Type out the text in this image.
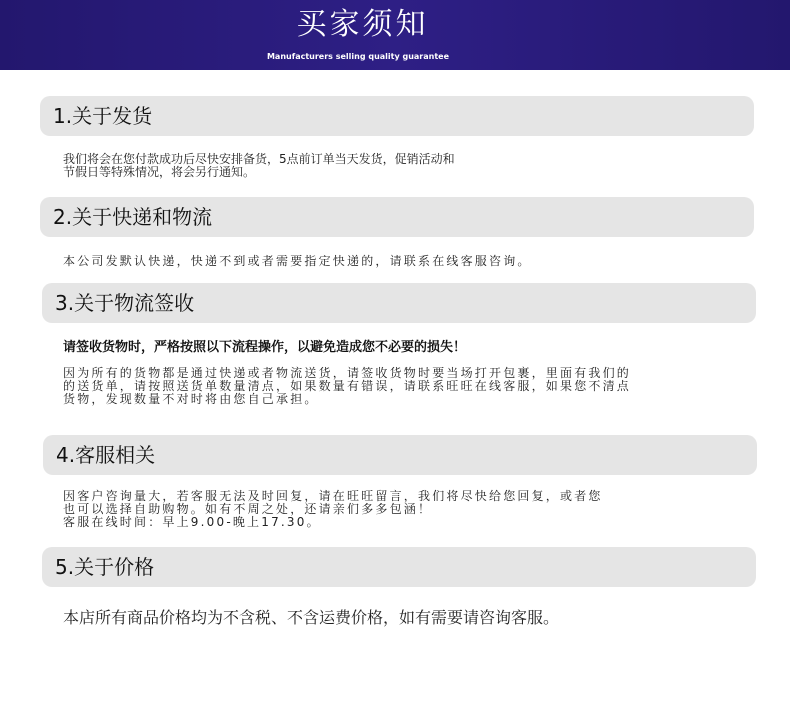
买家须知
Manufacturers selling quality guarantee
1.关于发货
我们将会在您付款成功后尽快安排备货，5点前订单当天发货，促销活动和
节假日等特殊情况，将会另行通知。
2.关于快递和物流
本公司发默认快递，快递不到或者需要指定快递的，请联系在线客服咨询。
3.关于物流签收
请签收货物时，严格按照以下流程操作，以避免造成您不必要的损失！
因为所有的货物都是通过快递或者物流送货，请签收货物时要当场打开包裹，里面有我们的
的送货单，请按照送货单数量清点，如果数量有错误，请联系旺旺在线客服，如果您不清点
货物，发现数量不对时将由您自己承担。
4.客服相关
因客户咨询量大，若客服无法及时回复，请在旺旺留言，我们将尽快给您回复，或者您
也可以选择自助购物。如有不周之处，还请亲们多多包涵！
客服在线时间：早上9.00-晚上17.30。
5.关于价格
本店所有商品价格均为不含税、不含运费价格，如有需要请咨询客服。
